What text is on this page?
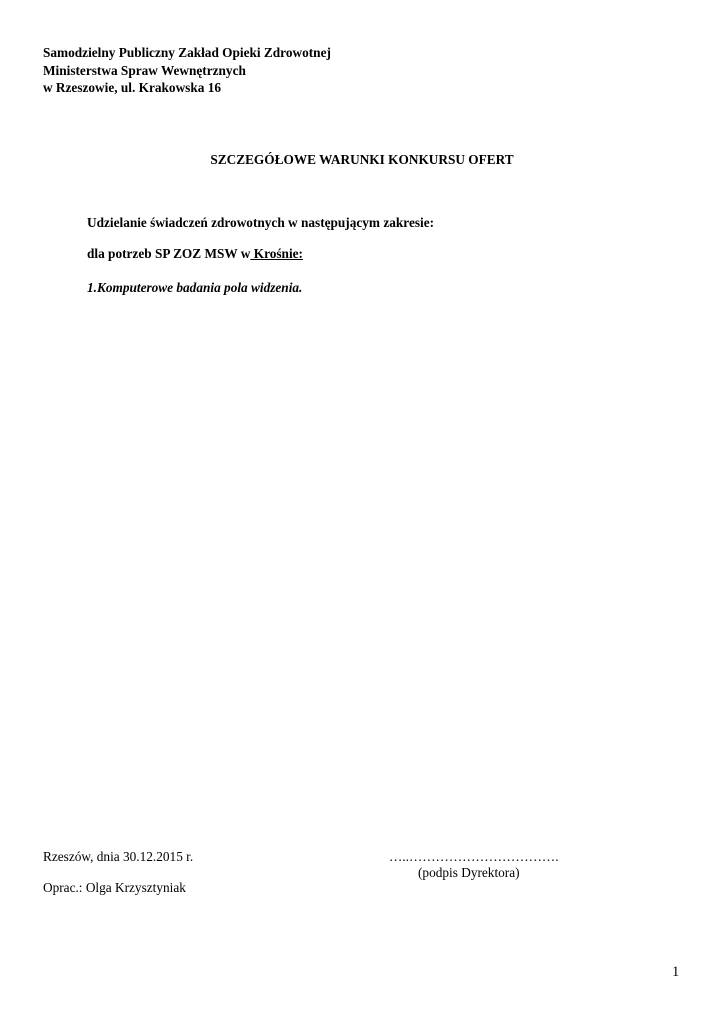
Samodzielny Publiczny Zakład Opieki Zdrowotnej
Ministerstwa Spraw Wewnętrznych
w Rzeszowie, ul. Krakowska 16
SZCZEGÓŁOWE WARUNKI KONKURSU OFERT
Udzielanie świadczeń zdrowotnych w następującym zakresie:
dla potrzeb SP ZOZ MSW w Krośnie:
1.Komputerowe badania pola widzenia.
Rzeszów, dnia 30.12.2015 r.	…..…………………………….
(podpis Dyrektora)
Oprac.: Olga Krzysztyniak
1
